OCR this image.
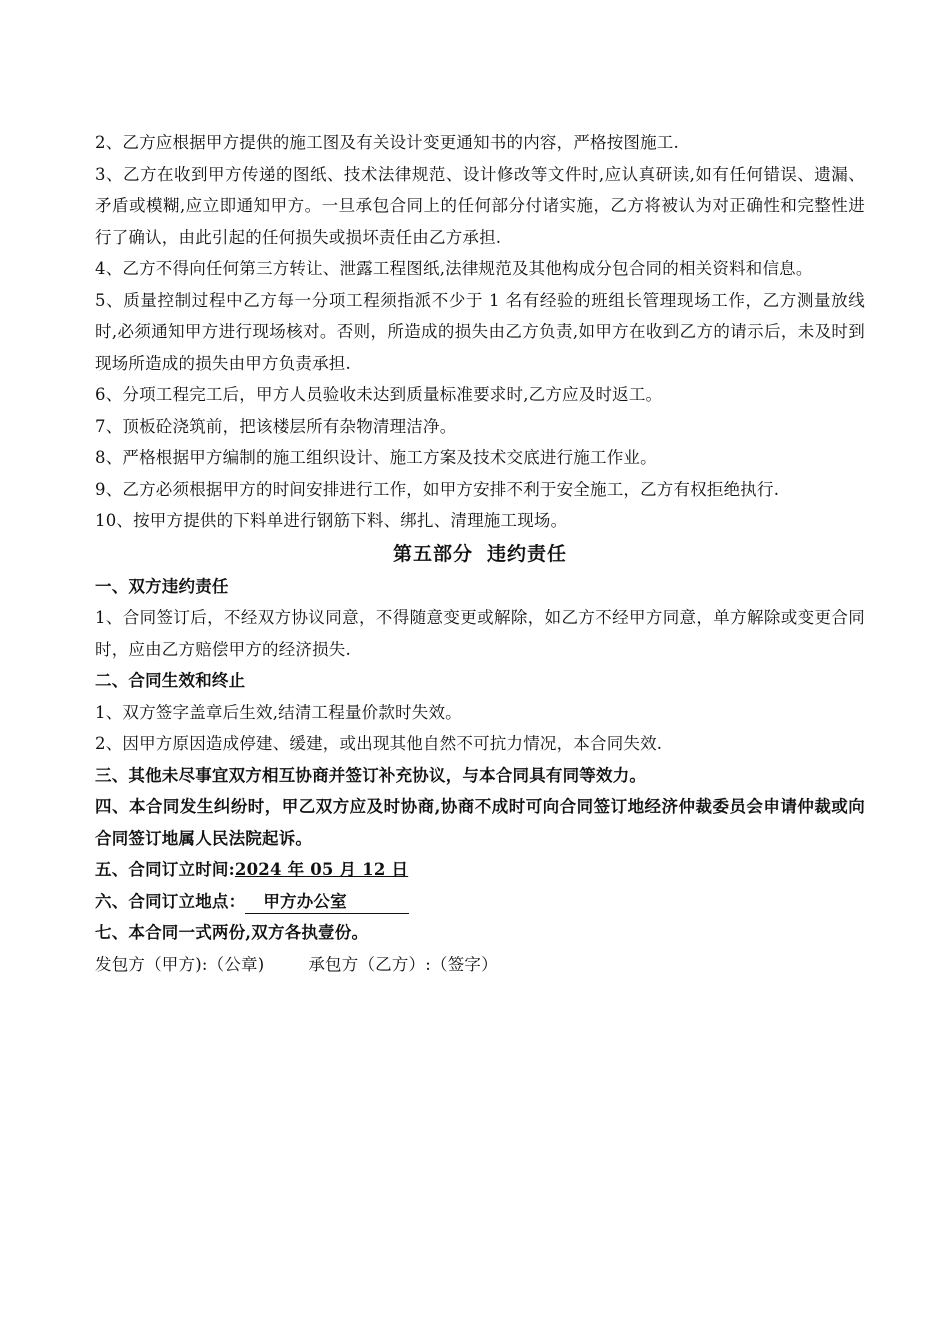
2、乙方应根据甲方提供的施工图及有关设计变更通知书的内容，严格按图施工.

3、乙方在收到甲方传递的图纸、技术法律规范、设计修改等文件时,应认真研读,如有任何错误、遗漏、矛盾或模糊,应立即通知甲方。一旦承包合同上的任何部分付诸实施，乙方将被认为对正确性和完整性进行了确认，由此引起的任何损失或损坏责任由乙方承担.

4、乙方不得向任何第三方转让、泄露工程图纸,法律规范及其他构成分包合同的相关资料和信息。

5、质量控制过程中乙方每一分项工程须指派不少于 1 名有经验的班组长管理现场工作，乙方测量放线时,必须通知甲方进行现场核对。否则，所造成的损失由乙方负责,如甲方在收到乙方的请示后，未及时到现场所造成的损失由甲方负责承担.

6、分项工程完工后，甲方人员验收未达到质量标准要求时,乙方应及时返工。

7、顶板砼浇筑前，把该楼层所有杂物清理洁净。

8、严格根据甲方编制的施工组织设计、施工方案及技术交底进行施工作业。

9、乙方必须根据甲方的时间安排进行工作，如甲方安排不利于安全施工，乙方有权拒绝执行.

10、按甲方提供的下料单进行钢筋下料、绑扎、清理施工现场。

第五部分 违约责任

一、双方违约责任

1、合同签订后，不经双方协议同意，不得随意变更或解除，如乙方不经甲方同意，单方解除或变更合同时，应由乙方赔偿甲方的经济损失.

二、合同生效和终止

1、双方签字盖章后生效,结清工程量价款时失效。

2、因甲方原因造成停建、缓建，或出现其他自然不可抗力情况，本合同失效.

三、其他未尽事宜双方相互协商并签订补充协议，与本合同具有同等效力。

四、本合同发生纠纷时，甲乙双方应及时协商,协商不成时可向合同签订地经济仲裁委员会申请仲裁或向合同签订地属人民法院起诉。

五、合同订立时间:2024 年 05 月 12 日

六、合同订立地点： 甲方办公室

七、本合同一式两份,双方各执壹份。

发包方（甲方):（公章)	承包方（乙方）:（签字）
